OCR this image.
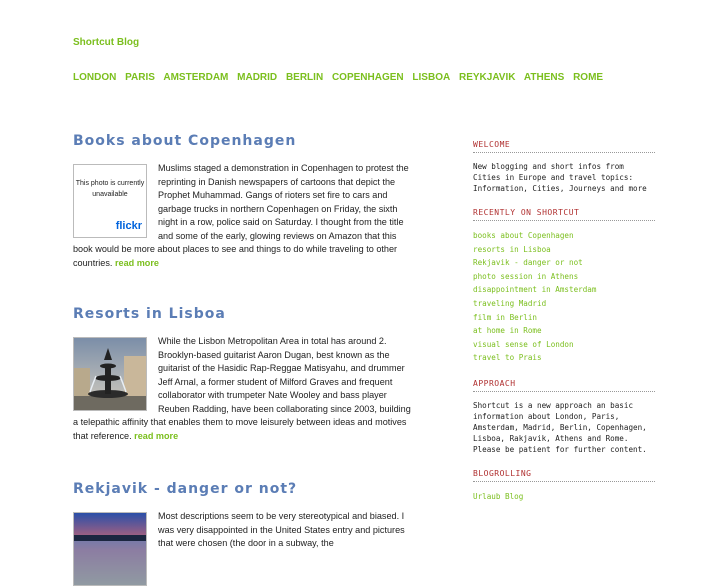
Shortcut Blog
LONDON PARIS AMSTERDAM MADRID BERLIN COPENHAGEN LISBOA REYKJAVIK ATHENS ROME
Books about Copenhagen
This photo is currently unavailable
flickr
Muslims staged a demonstration in Copenhagen to protest the reprinting in Danish newspapers of cartoons that depict the Prophet Muhammad. Gangs of rioters set fire to cars and garbage trucks in northern Copenhagen on Friday, the sixth night in a row, police said on Saturday. I thought from the title and some of the early, glowing reviews on Amazon that this book would be more about places to see and things to do while traveling to other countries. read more
Resorts in Lisboa
While the Lisbon Metropolitan Area in total has around 2. Brooklyn-based guitarist Aaron Dugan, best known as the guitarist of the Hasidic Rap-Reggae Matisyahu, and drummer Jeff Arnal, a former student of Milford Graves and frequent collaborator with trumpeter Nate Wooley and bass player Reuben Radding, have been collaborating since 2003, building a telepathic affinity that enables them to move leisurely between ideas and motives that reference. read more
Rekjavik - danger or not?
Most descriptions seem to be very stereotypical and biased. I was very disappointed in the United States entry and pictures that were chosen (the door in a subway, the
WELCOME
New blogging and short infos from Cities in Europe and travel topics: Information, Cities, Journeys and more
RECENTLY ON SHORTCUT
books about Copenhagen
resorts in Lisboa
Rekjavik - danger or not
photo session in Athens
disappointment in Amsterdam
traveling Madrid
film in Berlin
at home in Rome
visual sense of London
travel to Prais
APPROACH
Shortcut is a new approach an basic information about London, Paris, Amsterdam, Madrid, Berlin, Copenhagen, Lisboa, Rakjavik, Athens and Rome. Please be patient for further content.
BLOGROLLING
Urlaub Blog
